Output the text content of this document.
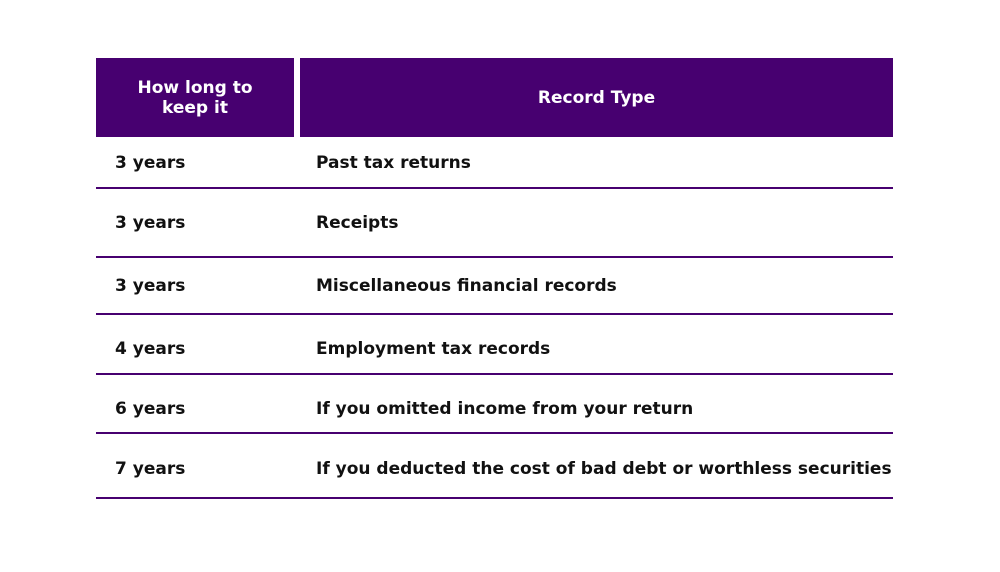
How long to keep it	Record Type
3 years	Past tax returns
3 years	Receipts
3 years	Miscellaneous financial records
4 years	Employment tax records
6 years	If you omitted income from your return
7 years	If you deducted the cost of bad debt or worthless securities
